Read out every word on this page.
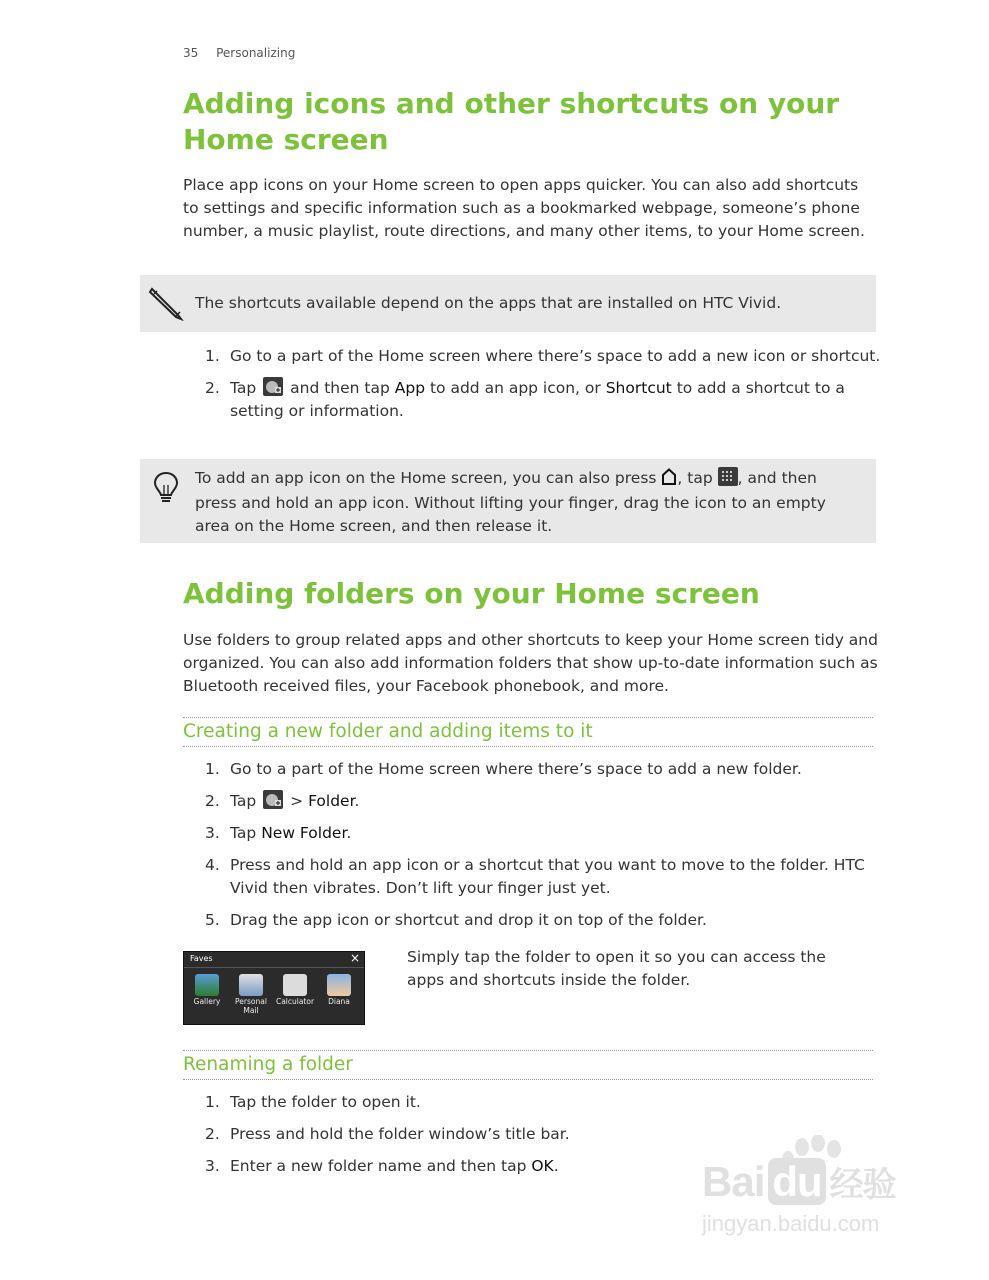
35 Personalizing
Adding icons and other shortcuts on your Home screen

Place app icons on your Home screen to open apps quicker. You can also add shortcuts to settings and specific information such as a bookmarked webpage, someone’s phone number, a music playlist, route directions, and many other items, to your Home screen.

The shortcuts available depend on the apps that are installed on HTC Vivid.
1. Go to a part of the Home screen where there’s space to add a new icon or shortcut.
2. Tap and then tap App to add an app icon, or Shortcut to add a shortcut to a setting or information.
To add an app icon on the Home screen, you can also press , tap , and then press and hold an app icon. Without lifting your finger, drag the icon to an empty area on the Home screen, and then release it.
Adding folders on your Home screen

Use folders to group related apps and other shortcuts to keep your Home screen tidy and organized. You can also add information folders that show up-to-date information such as Bluetooth received files, your Facebook phonebook, and more.

Creating a new folder and adding items to it
1. Go to a part of the Home screen where there’s space to add a new folder.
2. Tap > Folder.
3. Tap New Folder.
4. Press and hold an app icon or a shortcut that you want to move to the folder. HTC Vivid then vibrates. Don’t lift your finger just yet.
5. Drag the app icon or shortcut and drop it on top of the folder.
Faves	×
Gallery	Personal Mail
Calculator	Diana

Simply tap the folder to open it so you can access the apps and shortcuts inside the folder.

Renaming a folder
1. Tap the folder to open it.
2. Press and hold the folder window’s title bar.
3. Enter a new folder name and then tap OK.	Bai du 经验
jingyan.baidu.com
